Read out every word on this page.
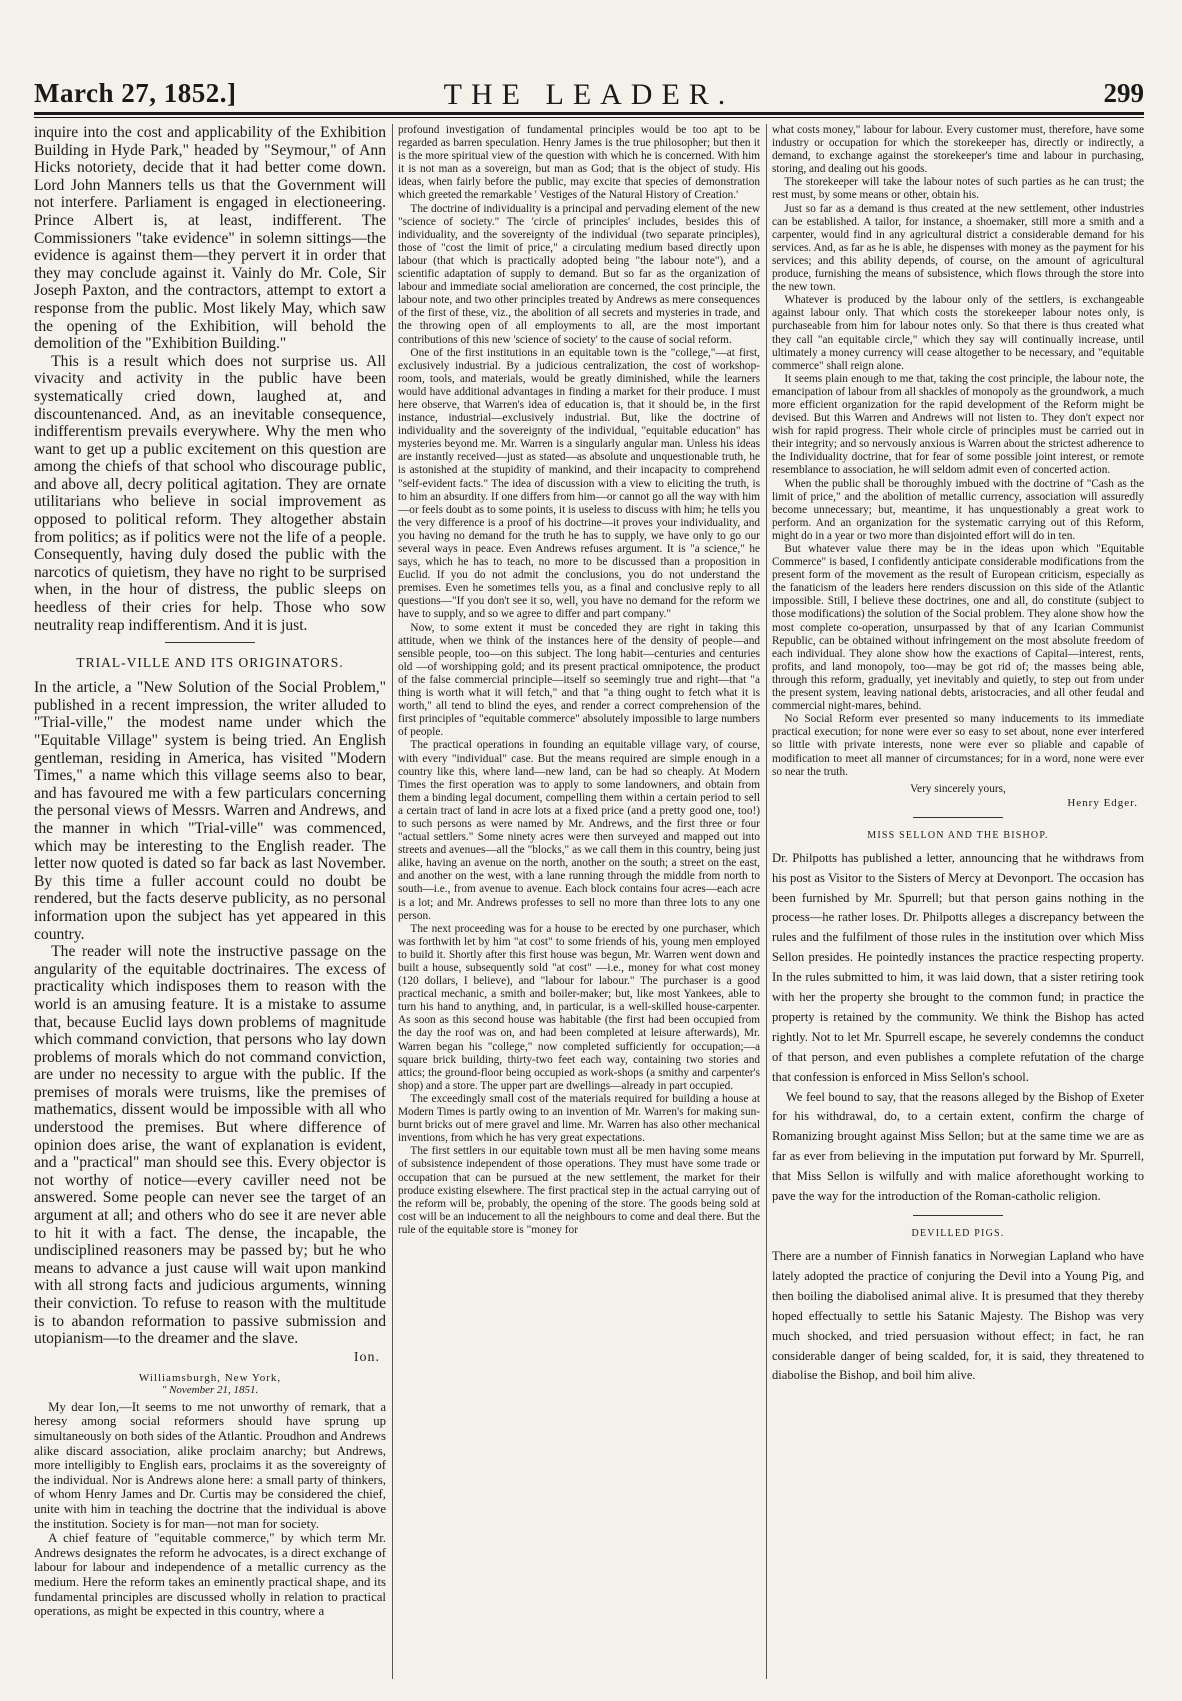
March 27, 1852.]	THE LEADER.	299

inquire into the cost and applicability of the Exhibition Building in Hyde Park," headed by "Seymour," of Ann Hicks notoriety, decide that it had better come down. Lord John Manners tells us that the Government will not interfere. Parliament is engaged in electioneering. Prince Albert is, at least, indifferent. The Commissioners "take evidence" in solemn sittings—the evidence is against them—they pervert it in order that they may conclude against it. Vainly do Mr. Cole, Sir Joseph Paxton, and the contractors, attempt to extort a response from the public. Most likely May, which saw the opening of the Exhibition, will behold the demolition of the "Exhibition Building."

This is a result which does not surprise us. All vivacity and activity in the public have been systematically cried down, laughed at, and discountenanced. And, as an inevitable consequence, indifferentism prevails everywhere. Why the men who want to get up a public excitement on this question are among the chiefs of that school who discourage public, and above all, decry political agitation. They are ornate utilitarians who believe in social improvement as opposed to political reform. They altogether abstain from politics; as if politics were not the life of a people. Consequently, having duly dosed the public with the narcotics of quietism, they have no right to be surprised when, in the hour of distress, the public sleeps on heedless of their cries for help. Those who sow neutrality reap indifferentism. And it is just.

TRIAL-VILLE AND ITS ORIGINATORS.

In the article, a "New Solution of the Social Problem," published in a recent impression, the writer alluded to "Trial-ville," the modest name under which the "Equitable Village" system is being tried. An English gentleman, residing in America, has visited "Modern Times," a name which this village seems also to bear, and has favoured me with a few particulars concerning the personal views of Messrs. Warren and Andrews, and the manner in which "Trial-ville" was commenced, which may be interesting to the English reader. The letter now quoted is dated so far back as last November. By this time a fuller account could no doubt be rendered, but the facts deserve publicity, as no personal information upon the subject has yet appeared in this country.

The reader will note the instructive passage on the angularity of the equitable doctrinaires. The excess of practicality which indisposes them to reason with the world is an amusing feature. It is a mistake to assume that, because Euclid lays down problems of magnitude which command conviction, that persons who lay down problems of morals which do not command conviction, are under no necessity to argue with the public. If the premises of morals were truisms, like the premises of mathematics, dissent would be impossible with all who understood the premises. But where difference of opinion does arise, the want of explanation is evident, and a "practical" man should see this. Every objector is not worthy of notice—every caviller need not be answered. Some people can never see the target of an argument at all; and others who do see it are never able to hit it with a fact. The dense, the incapable, the undisciplined reasoners may be passed by; but he who means to advance a just cause will wait upon mankind with all strong facts and judicious arguments, winning their conviction. To refuse to reason with the multitude is to abandon reformation to passive submission and utopianism—to the dreamer and the slave.

Ion.
Williamsburgh, New York,
" November 21, 1851.

My dear Ion,—It seems to me not unworthy of remark, that a heresy among social reformers should have sprung up simultaneously on both sides of the Atlantic. Proudhon and Andrews alike discard association, alike proclaim anarchy; but Andrews, more intelligibly to English ears, proclaims it as the sovereignty of the individual. Nor is Andrews alone here: a small party of thinkers, of whom Henry James and Dr. Curtis may be considered the chief, unite with him in teaching the doctrine that the individual is above the institution. Society is for man—not man for society.

A chief feature of "equitable commerce," by which term Mr. Andrews designates the reform he advocates, is a direct exchange of labour for labour and independence of a metallic currency as the medium. Here the reform takes an eminently practical shape, and its fundamental principles are discussed wholly in relation to practical operations, as might be expected in this country, where a

profound investigation of fundamental principles would be too apt to be regarded as barren speculation. Henry James is the true philosopher; but then it is the more spiritual view of the question with which he is concerned. With him it is not man as a sovereign, but man as God; that is the object of study. His ideas, when fairly before the public, may excite that species of demonstration which greeted the remarkable ' Vestiges of the Natural History of Creation.'

The doctrine of individuality is a principal and pervading element of the new "science of society." The 'circle of principles' includes, besides this of individuality, and the sovereignty of the individual (two separate principles), those of "cost the limit of price," a circulating medium based directly upon labour (that which is practically adopted being "the labour note"), and a scientific adaptation of supply to demand. But so far as the organization of labour and immediate social amelioration are concerned, the cost principle, the labour note, and two other principles treated by Andrews as mere consequences of the first of these, viz., the abolition of all secrets and mysteries in trade, and the throwing open of all employments to all, are the most important contributions of this new 'science of society' to the cause of social reform.

One of the first institutions in an equitable town is the "college,"—at first, exclusively industrial. By a judicious centralization, the cost of workshop-room, tools, and materials, would be greatly diminished, while the learners would have additional advantages in finding a market for their produce. I must here observe, that Warren's idea of education is, that it should be, in the first instance, industrial—exclusively industrial. But, like the doctrine of individuality and the sovereignty of the individual, "equitable education" has mysteries beyond me. Mr. Warren is a singularly angular man. Unless his ideas are instantly received—just as stated—as absolute and unquestionable truth, he is astonished at the stupidity of mankind, and their incapacity to comprehend "self-evident facts." The idea of discussion with a view to eliciting the truth, is to him an absurdity. If one differs from him—or cannot go all the way with him—or feels doubt as to some points, it is useless to discuss with him; he tells you the very difference is a proof of his doctrine—it proves your individuality, and you having no demand for the truth he has to supply, we have only to go our several ways in peace. Even Andrews refuses argument. It is "a science," he says, which he has to teach, no more to be discussed than a proposition in Euclid. If you do not admit the conclusions, you do not understand the premises. Even he sometimes tells you, as a final and conclusive reply to all questions—"If you don't see it so, well, you have no demand for the reform we have to supply, and so we agree to differ and part company."

Now, to some extent it must be conceded they are right in taking this attitude, when we think of the instances here of the density of people—and sensible people, too—on this subject. The long habit—centuries and centuries old —of worshipping gold; and its present practical omnipotence, the product of the false commercial principle—itself so seemingly true and right—that "a thing is worth what it will fetch," and that "a thing ought to fetch what it is worth," all tend to blind the eyes, and render a correct comprehension of the first principles of "equitable commerce" absolutely impossible to large numbers of people.

The practical operations in founding an equitable village vary, of course, with every "individual" case. But the means required are simple enough in a country like this, where land—new land, can be had so cheaply. At Modern Times the first operation was to apply to some landowners, and obtain from them a binding legal document, compelling them within a certain period to sell a certain tract of land in acre lots at a fixed price (and a pretty good one, too!) to such persons as were named by Mr. Andrews, and the first three or four "actual settlers." Some ninety acres were then surveyed and mapped out into streets and avenues—all the "blocks," as we call them in this country, being just alike, having an avenue on the north, another on the south; a street on the east, and another on the west, with a lane running through the middle from north to south—i.e., from avenue to avenue. Each block contains four acres—each acre is a lot; and Mr. Andrews professes to sell no more than three lots to any one person.

The next proceeding was for a house to be erected by one purchaser, which was forthwith let by him "at cost" to some friends of his, young men employed to build it. Shortly after this first house was begun, Mr. Warren went down and built a house, subsequently sold "at cost" —i.e., money for what cost money (120 dollars, I believe), and "labour for labour." The purchaser is a good practical mechanic, a smith and boiler-maker; but, like most Yankees, able to turn his hand to anything, and, in particular, is a well-skilled house-carpenter. As soon as this second house was habitable (the first had been occupied from the day the roof was on, and had been completed at leisure afterwards), Mr. Warren began his "college," now completed sufficiently for occupation;—a square brick building, thirty-two feet each way, containing two stories and attics; the ground-floor being occupied as work-shops (a smithy and carpenter's shop) and a store. The upper part are dwellings—already in part occupied.

The exceedingly small cost of the materials required for building a house at Modern Times is partly owing to an invention of Mr. Warren's for making sun-burnt bricks out of mere gravel and lime. Mr. Warren has also other mechanical inventions, from which he has very great expectations.

The first settlers in our equitable town must all be men having some means of subsistence independent of those operations. They must have some trade or occupation that can be pursued at the new settlement, the market for their produce existing elsewhere. The first practical step in the actual carrying out of the reform will be, probably, the opening of the store. The goods being sold at cost will be an inducement to all the neighbours to come and deal there. But the rule of the equitable store is "money for

what costs money," labour for labour. Every customer must, therefore, have some industry or occupation for which the storekeeper has, directly or indirectly, a demand, to exchange against the storekeeper's time and labour in purchasing, storing, and dealing out his goods.

The storekeeper will take the labour notes of such parties as he can trust; the rest must, by some means or other, obtain his.

Just so far as a demand is thus created at the new settlement, other industries can be established. A tailor, for instance, a shoemaker, still more a smith and a carpenter, would find in any agricultural district a considerable demand for his services. And, as far as he is able, he dispenses with money as the payment for his services; and this ability depends, of course, on the amount of agricultural produce, furnishing the means of subsistence, which flows through the store into the new town.

Whatever is produced by the labour only of the settlers, is exchangeable against labour only. That which costs the storekeeper labour notes only, is purchaseable from him for labour notes only. So that there is thus created what they call "an equitable circle," which they say will continually increase, until ultimately a money currency will cease altogether to be necessary, and "equitable commerce" shall reign alone.

It seems plain enough to me that, taking the cost principle, the labour note, the emancipation of labour from all shackles of monopoly as the groundwork, a much more efficient organization for the rapid development of the Reform might be devised. But this Warren and Andrews will not listen to. They don't expect nor wish for rapid progress. Their whole circle of principles must be carried out in their integrity; and so nervously anxious is Warren about the strictest adherence to the Individuality doctrine, that for fear of some possible joint interest, or remote resemblance to association, he will seldom admit even of concerted action.

When the public shall be thoroughly imbued with the doctrine of "Cash as the limit of price," and the abolition of metallic currency, association will assuredly become unnecessary; but, meantime, it has unquestionably a great work to perform. And an organization for the systematic carrying out of this Reform, might do in a year or two more than disjointed effort will do in ten.

But whatever value there may be in the ideas upon which "Equitable Commerce" is based, I confidently anticipate considerable modifications from the present form of the movement as the result of European criticism, especially as the fanaticism of the leaders here renders discussion on this side of the Atlantic impossible. Still, I believe these doctrines, one and all, do constitute (subject to those modifications) the solution of the Social problem. They alone show how the most complete co-operation, unsurpassed by that of any Icarian Communist Republic, can be obtained without infringement on the most absolute freedom of each individual. They alone show how the exactions of Capital—interest, rents, profits, and land monopoly, too—may be got rid of; the masses being able, through this reform, gradually, yet inevitably and quietly, to step out from under the present system, leaving national debts, aristocracies, and all other feudal and commercial night-mares, behind.

No Social Reform ever presented so many inducements to its immediate practical execution; for none were ever so easy to set about, none ever interfered so little with private interests, none were ever so pliable and capable of modification to meet all manner of circumstances; for in a word, none were ever so near the truth.

Very sincerely yours,
Henry Edger.
MISS SELLON AND THE BISHOP.

Dr. Philpotts has published a letter, announcing that he withdraws from his post as Visitor to the Sisters of Mercy at Devonport. The occasion has been furnished by Mr. Spurrell; but that person gains nothing in the process—he rather loses. Dr. Philpotts alleges a discrepancy between the rules and the fulfilment of those rules in the institution over which Miss Sellon presides. He pointedly instances the practice respecting property. In the rules submitted to him, it was laid down, that a sister retiring took with her the property she brought to the common fund; in practice the property is retained by the community. We think the Bishop has acted rightly. Not to let Mr. Spurrell escape, he severely condemns the conduct of that person, and even publishes a complete refutation of the charge that confession is enforced in Miss Sellon's school.

We feel bound to say, that the reasons alleged by the Bishop of Exeter for his withdrawal, do, to a certain extent, confirm the charge of Romanizing brought against Miss Sellon; but at the same time we are as far as ever from believing in the imputation put forward by Mr. Spurrell, that Miss Sellon is wilfully and with malice aforethought working to pave the way for the introduction of the Roman-catholic religion.

DEVILLED PIGS.

There are a number of Finnish fanatics in Norwegian Lapland who have lately adopted the practice of conjuring the Devil into a Young Pig, and then boiling the diabolised animal alive. It is presumed that they thereby hoped effectually to settle his Satanic Majesty. The Bishop was very much shocked, and tried persuasion without effect; in fact, he ran considerable danger of being scalded, for, it is said, they threatened to diabolise the Bishop, and boil him alive.
